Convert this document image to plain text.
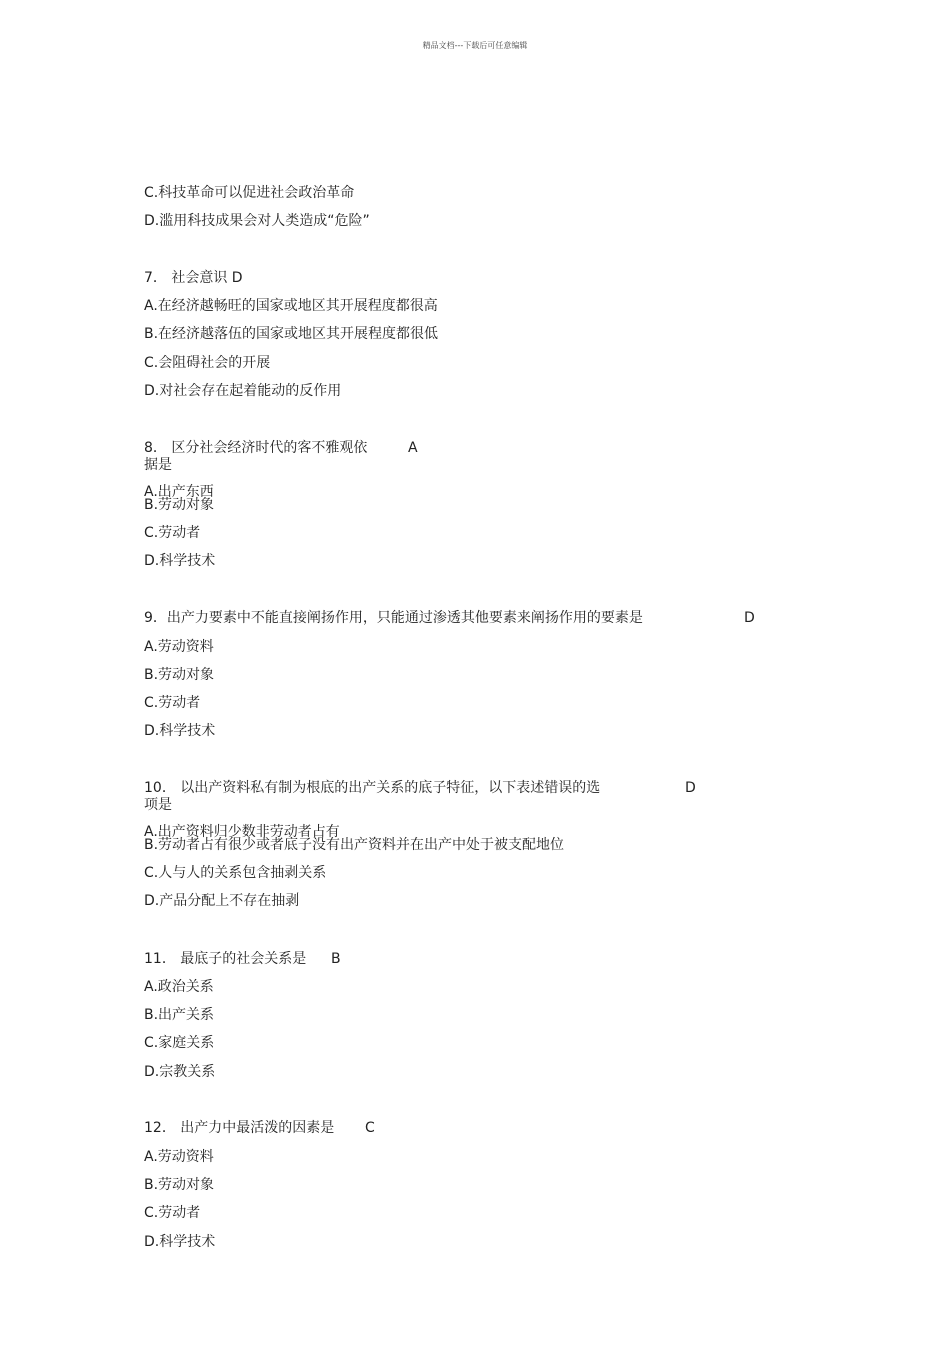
精品文档---下载后可任意编辑
C.科技革命可以促进社会政治革命
D.滥用科技成果会对人类造成“危险”
7． 社会意识 D
A.在经济越畅旺的国家或地区其开展程度都很高
B.在经济越落伍的国家或地区其开展程度都很低
C.会阻碍社会的开展
D.对社会存在起着能动的反作用
8． 区分社会经济时代的客不雅观依	A
据是
A.出产东西
B.劳动对象
C.劳动者
D.科学技术
9．出产力要素中不能直接阐扬作用，只能通过渗透其他要素来阐扬作用的要素是	D
A.劳动资料
B.劳动对象
C.劳动者
D.科学技术
10． 以出产资料私有制为根底的出产关系的底子特征，以下表述错误的选	D
项是
A.出产资料归少数非劳动者占有
B.劳动者占有很少或者底子没有出产资料并在出产中处于被支配地位
C.人与人的关系包含抽剥关系
D.产品分配上不存在抽剥
11． 最底子的社会关系是 B
A.政治关系
B.出产关系
C.家庭关系
D.宗教关系
12． 出产力中最活泼的因素是 C
A.劳动资料
B.劳动对象
C.劳动者
D.科学技术
